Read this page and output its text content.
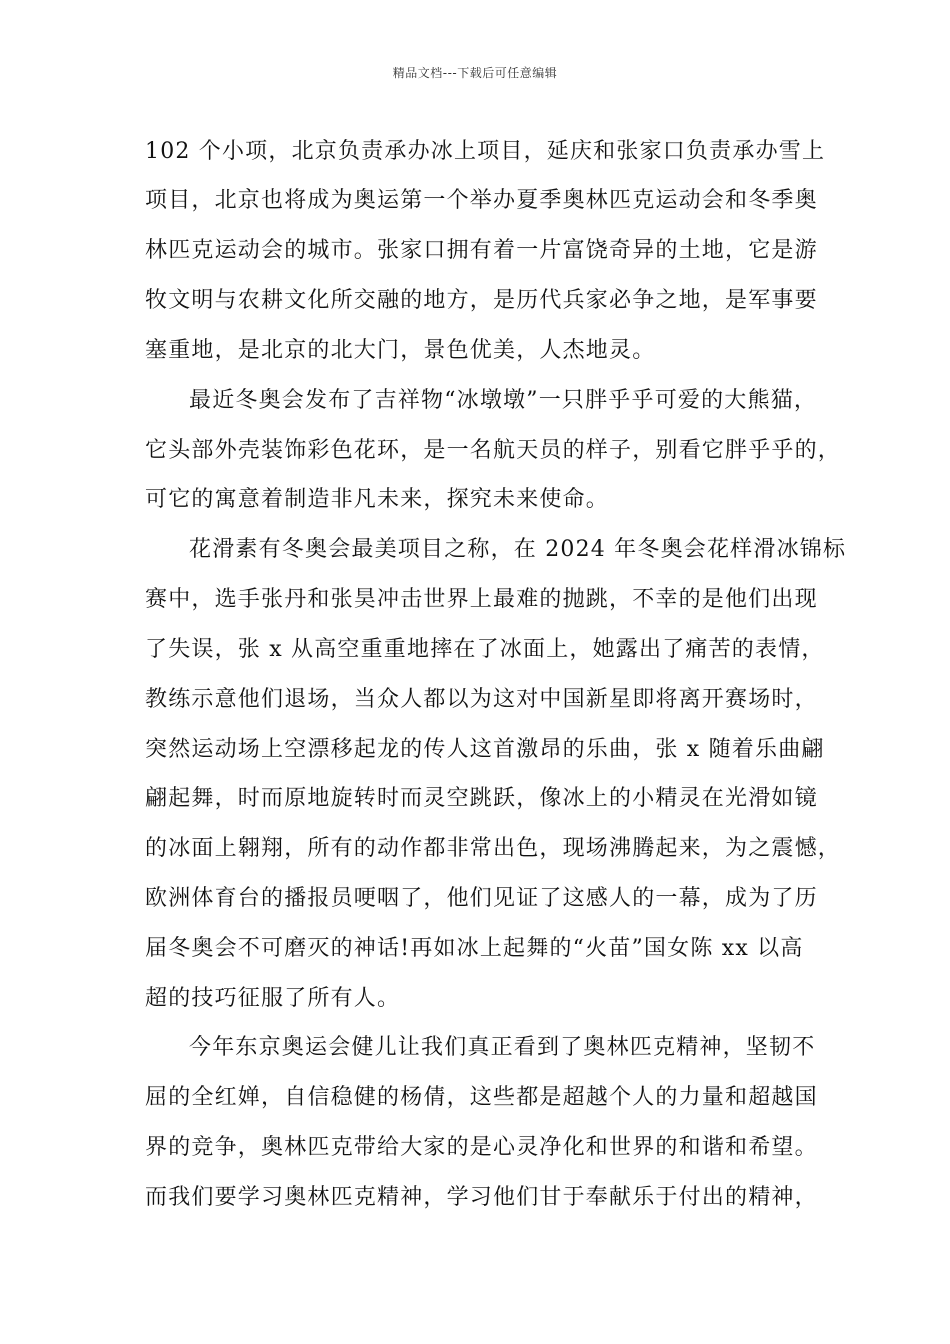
精品文档---下载后可任意编辑
102 个小项，北京负责承办冰上项目，延庆和张家口负责承办雪上
项目，北京也将成为奥运第一个举办夏季奥林匹克运动会和冬季奥
林匹克运动会的城市。张家口拥有着一片富饶奇异的土地，它是游
牧文明与农耕文化所交融的地方，是历代兵家必争之地，是军事要
塞重地，是北京的北大门，景色优美，人杰地灵。
最近冬奥会发布了吉祥物“冰墩墩”一只胖乎乎可爱的大熊猫，
它头部外壳装饰彩色花环，是一名航天员的样子，别看它胖乎乎的，
可它的寓意着制造非凡未来，探究未来使命。
花滑素有冬奥会最美项目之称，在 2024 年冬奥会花样滑冰锦标
赛中，选手张丹和张昊冲击世界上最难的抛跳，不幸的是他们出现
了失误，张 x 从高空重重地摔在了冰面上，她露出了痛苦的表情，
教练示意他们退场，当众人都以为这对中国新星即将离开赛场时，
突然运动场上空漂移起龙的传人这首激昂的乐曲，张 x 随着乐曲翩
翩起舞，时而原地旋转时而灵空跳跃，像冰上的小精灵在光滑如镜
的冰面上翱翔，所有的动作都非常出色，现场沸腾起来，为之震憾，
欧洲体育台的播报员哽咽了，他们见证了这感人的一幕，成为了历
届冬奥会不可磨灭的神话!再如冰上起舞的“火苗”国女陈 xx 以高
超的技巧征服了所有人。
今年东京奥运会健儿让我们真正看到了奥林匹克精神，坚韧不
屈的全红婵，自信稳健的杨倩，这些都是超越个人的力量和超越国
界的竞争，奥林匹克带给大家的是心灵净化和世界的和谐和希望。
而我们要学习奥林匹克精神，学习他们甘于奉献乐于付出的精神，
